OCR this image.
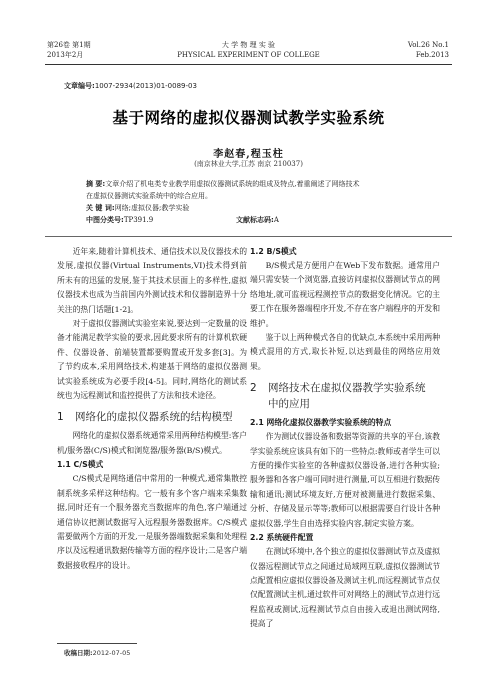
第26卷 第1期
2013年2月
大 学 物 理 实 验
PHYSICAL EXPERIMENT OF COLLEGE
Vol.26 No.1
Feb.2013
文章编号:1007-2934(2013)01-0089-03
基于网络的虚拟仪器测试教学实验系统
李赵春,程玉柱
(南京林业大学,江苏 南京 210037)
摘 要:文章介绍了机电类专业教学用虚拟仪器测试系统的组成及特点,着重阐述了网络技术
在虚拟仪器测试实验系统中的综合应用。
关 键 词:网络;虚拟仪器;教学实验
中图分类号:TP391.9	文献标志码:A

近年来,随着计算机技术、通信技术以及仪器技术的发展,虚拟仪器(Virtual Instruments,VI)技术得到前所未有的迅猛的发展,鉴于其技术层面上的多样性,虚拟仪器技术也成为当前国内外测试技术和仪器制造界十分关注的热门话题[1-2]。

对于虚拟仪器测试实验室来说,要达到一定数量的设备才能满足教学实验的要求,因此要求所有的计算机软硬件、仪器设备、前端装置都要购置或开发多套[3]。为了节约成本,采用网络技术,构建基于网络的虚拟仪器测试实验系统成为必要手段[4-5]。同时,网络化的测试系统也为远程测试和监控提供了方法和技术途径。

1 网络化的虚拟仪器系统的结构模型

网络化的虚拟仪器系统通常采用两种结构模型:客户机/服务器(C/S)模式和浏览器/服务器(B/S)模式。

1.1 C/S模式

C/S模式是网络通信中常用的一种模式,通常集散控制系统多采样这种结构。它一般有多个客户端来采集数据,同时还有一个服务器充当数据库的角色,客户端通过通信协议把测试数据写入远程服务器数据库。C/S模式需要做两个方面的开发,一是服务器端数据采集和处理程序以及远程通讯数据传输等方面的程序设计;二是客户端数据接收程序的设计。

1.2 B/S模式

B/S模式是方便用户在Web下发布数据。通常用户端只需安装一个浏览器,直接访问虚拟仪器测试节点的网络地址,就可监视远程测控节点的数据变化情况。它的主要工作在服务器端程序开发,不存在客户端程序的开发和维护。

鉴于以上两种模式各自的优缺点,本系统中采用两种模式混用的方式,取长补短,以达到最佳的网络应用效果。

2 网络技术在虚拟仪器教学实验系统中的应用
2.1 网络化虚拟仪器教学实验系统的特点

作为测试仪器设备和数据等资源的共享的平台,该教学实验系统应该具有如下的一些特点:教师或者学生可以方便的操作实验室的各种虚拟仪器设备,进行各种实验;服务器和各客户端可同时进行测量,可以互相进行数据传输和通讯;测试环境友好,方便对被测量进行数据采集、分析、存储及显示等等;教师可以根据需要自行设计各种虚拟仪器,学生自由选择实验内容,制定实验方案。

2.2 系统硬件配置

在测试环境中,各个独立的虚拟仪器测试节点及虚拟仪器远程测试节点之间通过局域网互联,虚拟仪器测试节点配置相应虚拟仪器设备及测试主机,而远程测试节点仅仅配置测试主机,通过软件可对网络上的测试节点进行远程监视或测试,远程测试节点自由接入或退出测试网络,提高了

收稿日期:2012-07-05
